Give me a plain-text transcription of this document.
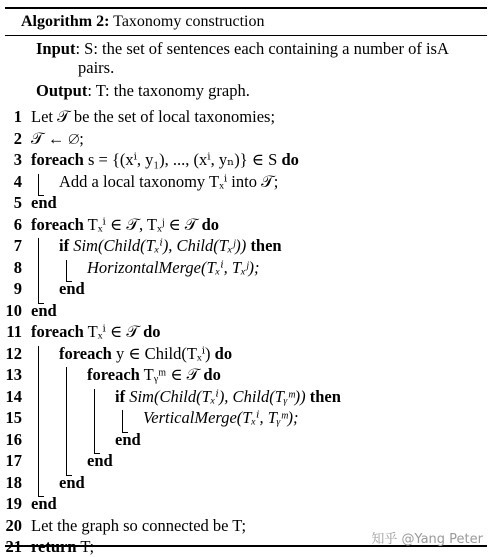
Algorithm 2: Taxonomy construction
Input: S: the set of sentences each containing a number of isA
pairs.
Output: T: the taxonomy graph.
1 Let 𝒯 be the set of local taxonomies;
2 𝒯 ← ∅;
3 foreach s = {(xⁱ, y₁), ..., (xⁱ, yₙ)} ∈ S do
4 Add a local taxonomy Tₓⁱ into 𝒯;
5 end
6 foreach Tₓⁱ ∈ 𝒯, Tₓʲ ∈ 𝒯 do
7 if Sim(Child(Tₓⁱ), Child(Tₓʲ)) then
8	HorizontalMerge(Tₓⁱ, Tₓʲ);
9 end
10 end
11 foreach Tₓⁱ ∈ 𝒯 do
12 foreach y ∈ Child(Tₓⁱ) do
13	foreach Tᵧᵐ ∈ 𝒯 do
14	if Sim(Child(Tₓⁱ), Child(Tᵧᵐ)) then
15	VerticalMerge(Tₓⁱ, Tᵧᵐ);
16	end
17	end
18 end
19 end
20 Let the graph so connected be T;
21 return T;	知乎 @Yang Peter
